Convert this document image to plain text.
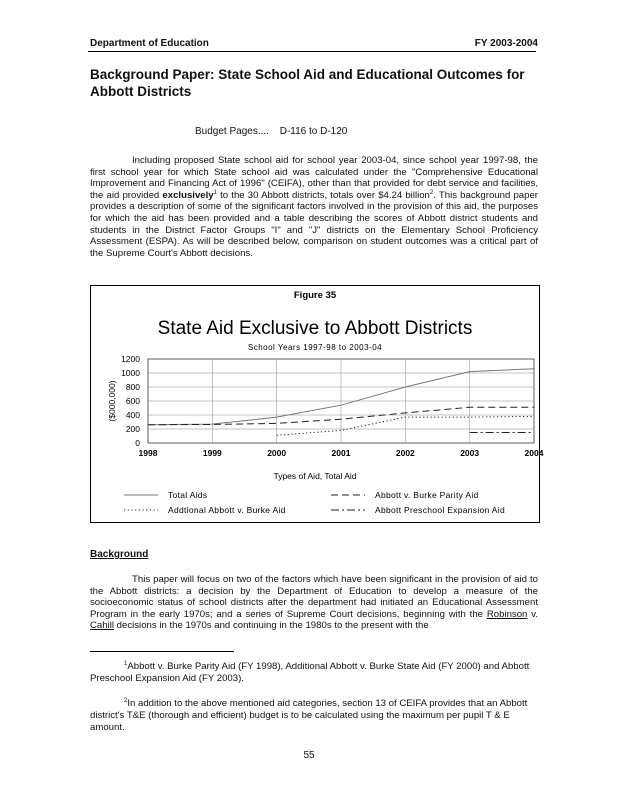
Department of Education	FY 2003-2004
Background Paper: State School Aid and Educational Outcomes for Abbott Districts
Budget Pages.... D-116 to D-120

Including proposed State school aid for school year 2003-04, since school year 1997-98, the first school year for which State school aid was calculated under the "Comprehensive Educational Improvement and Financing Act of 1996" (CEIFA), other than that provided for debt service and facilities, the aid provided exclusively$^1$ to the 30 Abbott districts, totals over $4.24 billion$^2$. This background paper provides a description of some of the significant factors involved in the provision of this aid, the purposes for which the aid has been provided and a table describing the scores of Abbott district students and students in the District Factor Groups "I" and "J" districts on the Elementary School Proficiency Assessment (ESPA). As will be described below, comparison on student outcomes was a critical part of the Supreme Court's Abbott decisions.

Figure 35
State Aid Exclusive to Abbott Districts
School Years 1997-98 to 2003-04
0
200
400
600
800
1000
1200
1998	1999	2000	2001	2002	2003	2004
($000,000)
Types of Aid, Total Aid
Total Aids	Abbott v. Burke Parity Aid
Addtional Abbott v. Burke Aid	Abbott Preschool Expansion Aid
Background

This paper will focus on two of the factors which have been significant in the provision of aid to the Abbott districts: a decision by the Department of Education to develop a measure of the socioeconomic status of school districts after the department had initiated an Educational Assessment Program in the early 1970s; and a series of Supreme Court decisions, beginning with the Robinson v. Cahill decisions in the 1970s and continuing in the 1980s to the present with the

$^1$Abbott v. Burke Parity Aid (FY 1998), Additional Abbott v. Burke State Aid (FY 2000) and Abbott Preschool Expansion Aid (FY 2003).

$^2$In addition to the above mentioned aid categories, section 13 of CEIFA provides that an Abbott district's T&E (thorough and efficient) budget is to be calculated using the maximum per pupil T & E amount.

55
